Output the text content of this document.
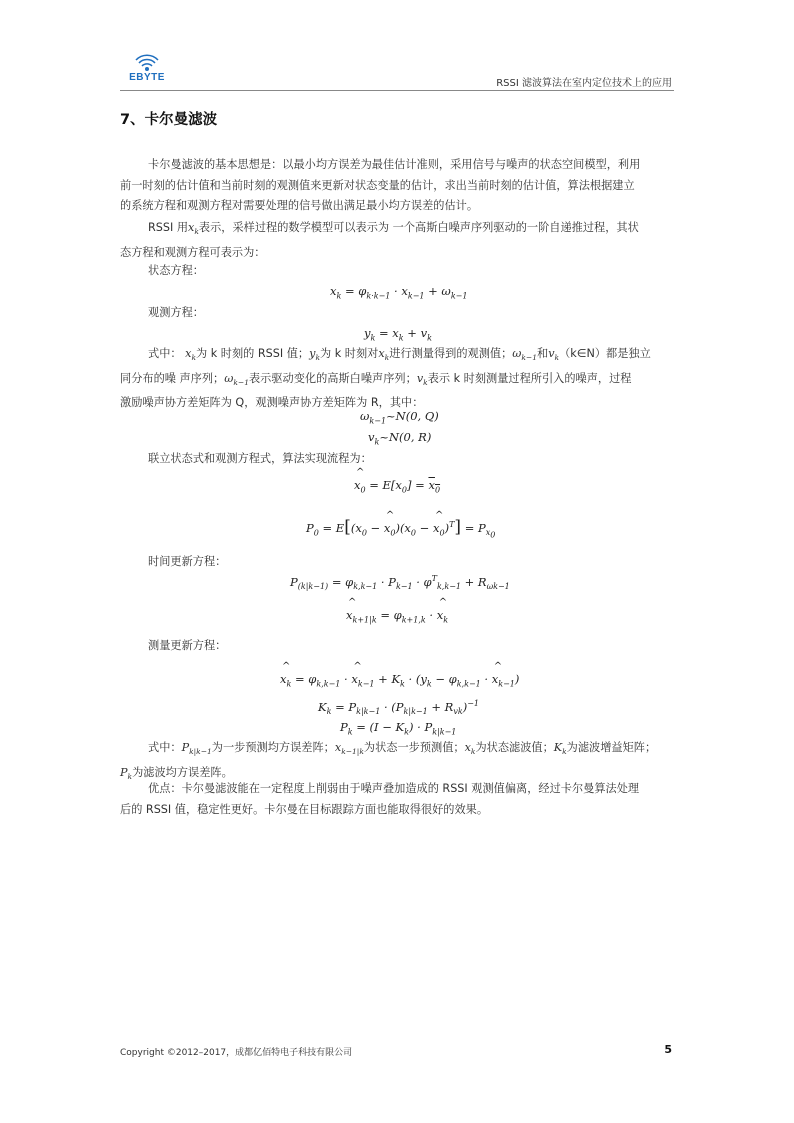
EBYTE
RSSI 滤波算法在室内定位技术上的应用
7、卡尔曼滤波
卡尔曼滤波的基本思想是：以最小均方误差为最佳估计准则，采用信号与噪声的状态空间模型，利用
前一时刻的估计值和当前时刻的观测值来更新对状态变量的估计，求出当前时刻的估计值，算法根据建立
的系统方程和观测方程对需要处理的信号做出满足最小均方误差的估计。
RSSI 用$x_k$表示，采样过程的数学模型可以表示为 一个高斯白噪声序列驱动的一阶自递推过程，其状
态方程和观测方程可表示为：
状态方程：
$x_k = \varphi_{k\cdot k-1} \cdot x_{k-1} + \omega_{k-1}$
观测方程：
$y_k = x_k + v_k$
式中： $x_k$为 k 时刻的 RSSI 值；$y_k$为 k 时刻对$x_k$进行测量得到的观测值；$\omega_{k-1}$和$v_k(k\in N)$都是独立
同分布的噪 声序列；$\omega_{k-1}$表示驱动变化的高斯白噪声序列；$v_k$表示 k 时刻测量过程所引入的噪声，过程
激励噪声协方差矩阵为 Q，观测噪声协方差矩阵为 R，其中：
$\omega_{k-1}\sim N(0$, Q)
$v_k\sim N(0$, R)
联立状态式和观测方程式，算法实现流程为：
^ $x_0 = E[x_0] = x_0$
$P_0 = E[(x_0$ − ^ $x_0)(x_0$ − ^ $x_0)^T] = P_{x_0}$
时间更新方程：
$P_{(k|k-1)} = \varphi_{k,k-1} \cdot P_{k-1} \cdot \varphi^T_{k,k-1} + R_{\omega k-1}$
^ $x_{k+1|k} = \varphi_{k+1,k}$ · ^ $x_k$
测量更新方程：
^ $x_k = \varphi_{k,k-1}$ · ^ $x_{k-1} + K_k \cdot (y_k - \varphi_{k,k-1}$ · ^ $x_{k-1}$)
$K_k = P_{k|k-1} \cdot (P_{k|k-1} + R_{vk})^{-1}$
$P_k = (I - K_k) \cdot P_{k|k-1}$
式中：$P_{k|k-1}$为一步预测均方误差阵；$x_{k-1|k}$为状态一步预测值；$x_k$为状态滤波值；$K_k$为滤波增益矩阵；
$P_k$为滤波均方误差阵。
优点：卡尔曼滤波能在一定程度上削弱由于噪声叠加造成的 RSSI 观测值偏离，经过卡尔曼算法处理
后的 RSSI 值，稳定性更好。卡尔曼在目标跟踪方面也能取得很好的效果。
Copyright ©2012–2017，成都亿佰特电子科技有限公司	5
